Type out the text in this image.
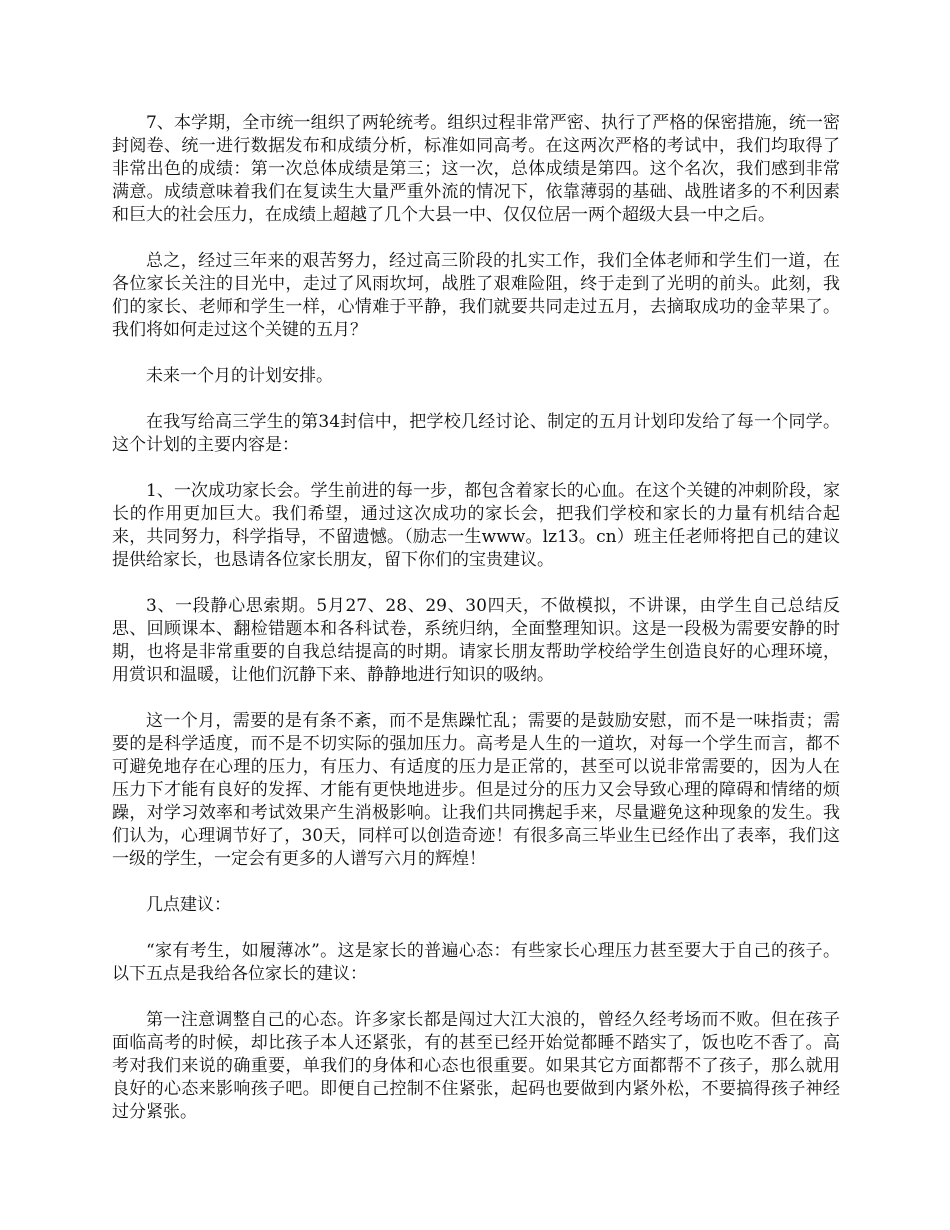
7、本学期，全市统一组织了两轮统考。组织过程非常严密、执行了严格的保密措施，统一密封阅卷、统一进行数据发布和成绩分析，标准如同高考。在这两次严格的考试中，我们均取得了非常出色的成绩：第一次总体成绩是第三；这一次，总体成绩是第四。这个名次，我们感到非常满意。成绩意味着我们在复读生大量严重外流的情况下，依靠薄弱的基础、战胜诸多的不利因素和巨大的社会压力，在成绩上超越了几个大县一中、仅仅位居一两个超级大县一中之后。

总之，经过三年来的艰苦努力，经过高三阶段的扎实工作，我们全体老师和学生们一道，在各位家长关注的目光中，走过了风雨坎坷，战胜了艰难险阻，终于走到了光明的前头。此刻，我们的家长、老师和学生一样，心情难于平静，我们就要共同走过五月，去摘取成功的金苹果了。我们将如何走过这个关键的五月？

未来一个月的计划安排。

在我写给高三学生的第34封信中，把学校几经讨论、制定的五月计划印发给了每一个同学。这个计划的主要内容是：

1、一次成功家长会。学生前进的每一步，都包含着家长的心血。在这个关键的冲刺阶段，家长的作用更加巨大。我们希望，通过这次成功的家长会，把我们学校和家长的力量有机结合起来，共同努力，科学指导，不留遗憾。（励志一生www。lz13。cn）班主任老师将把自己的建议提供给家长，也恳请各位家长朋友，留下你们的宝贵建议。

3、一段静心思索期。5月27、28、29、30四天，不做模拟，不讲课，由学生自己总结反思、回顾课本、翻检错题本和各科试卷，系统归纳，全面整理知识。这是一段极为需要安静的时期，也将是非常重要的自我总结提高的时期。请家长朋友帮助学校给学生创造良好的心理环境，用赏识和温暖，让他们沉静下来、静静地进行知识的吸纳。

这一个月，需要的是有条不紊，而不是焦躁忙乱；需要的是鼓励安慰，而不是一味指责；需要的是科学适度，而不是不切实际的强加压力。高考是人生的一道坎，对每一个学生而言，都不可避免地存在心理的压力，有压力、有适度的压力是正常的，甚至可以说非常需要的，因为人在压力下才能有良好的发挥、才能有更快地进步。但是过分的压力又会导致心理的障碍和情绪的烦躁，对学习效率和考试效果产生消极影响。让我们共同携起手来，尽量避免这种现象的发生。我们认为，心理调节好了，30天，同样可以创造奇迹！有很多高三毕业生已经作出了表率，我们这一级的学生，一定会有更多的人谱写六月的辉煌！

几点建议：

“家有考生，如履薄冰”。这是家长的普遍心态：有些家长心理压力甚至要大于自己的孩子。以下五点是我给各位家长的建议：

第一注意调整自己的心态。许多家长都是闯过大江大浪的，曾经久经考场而不败。但在孩子面临高考的时候，却比孩子本人还紧张，有的甚至已经开始觉都睡不踏实了，饭也吃不香了。高考对我们来说的确重要，单我们的身体和心态也很重要。如果其它方面都帮不了孩子，那么就用良好的心态来影响孩子吧。即便自己控制不住紧张，起码也要做到内紧外松，不要搞得孩子神经过分紧张。
